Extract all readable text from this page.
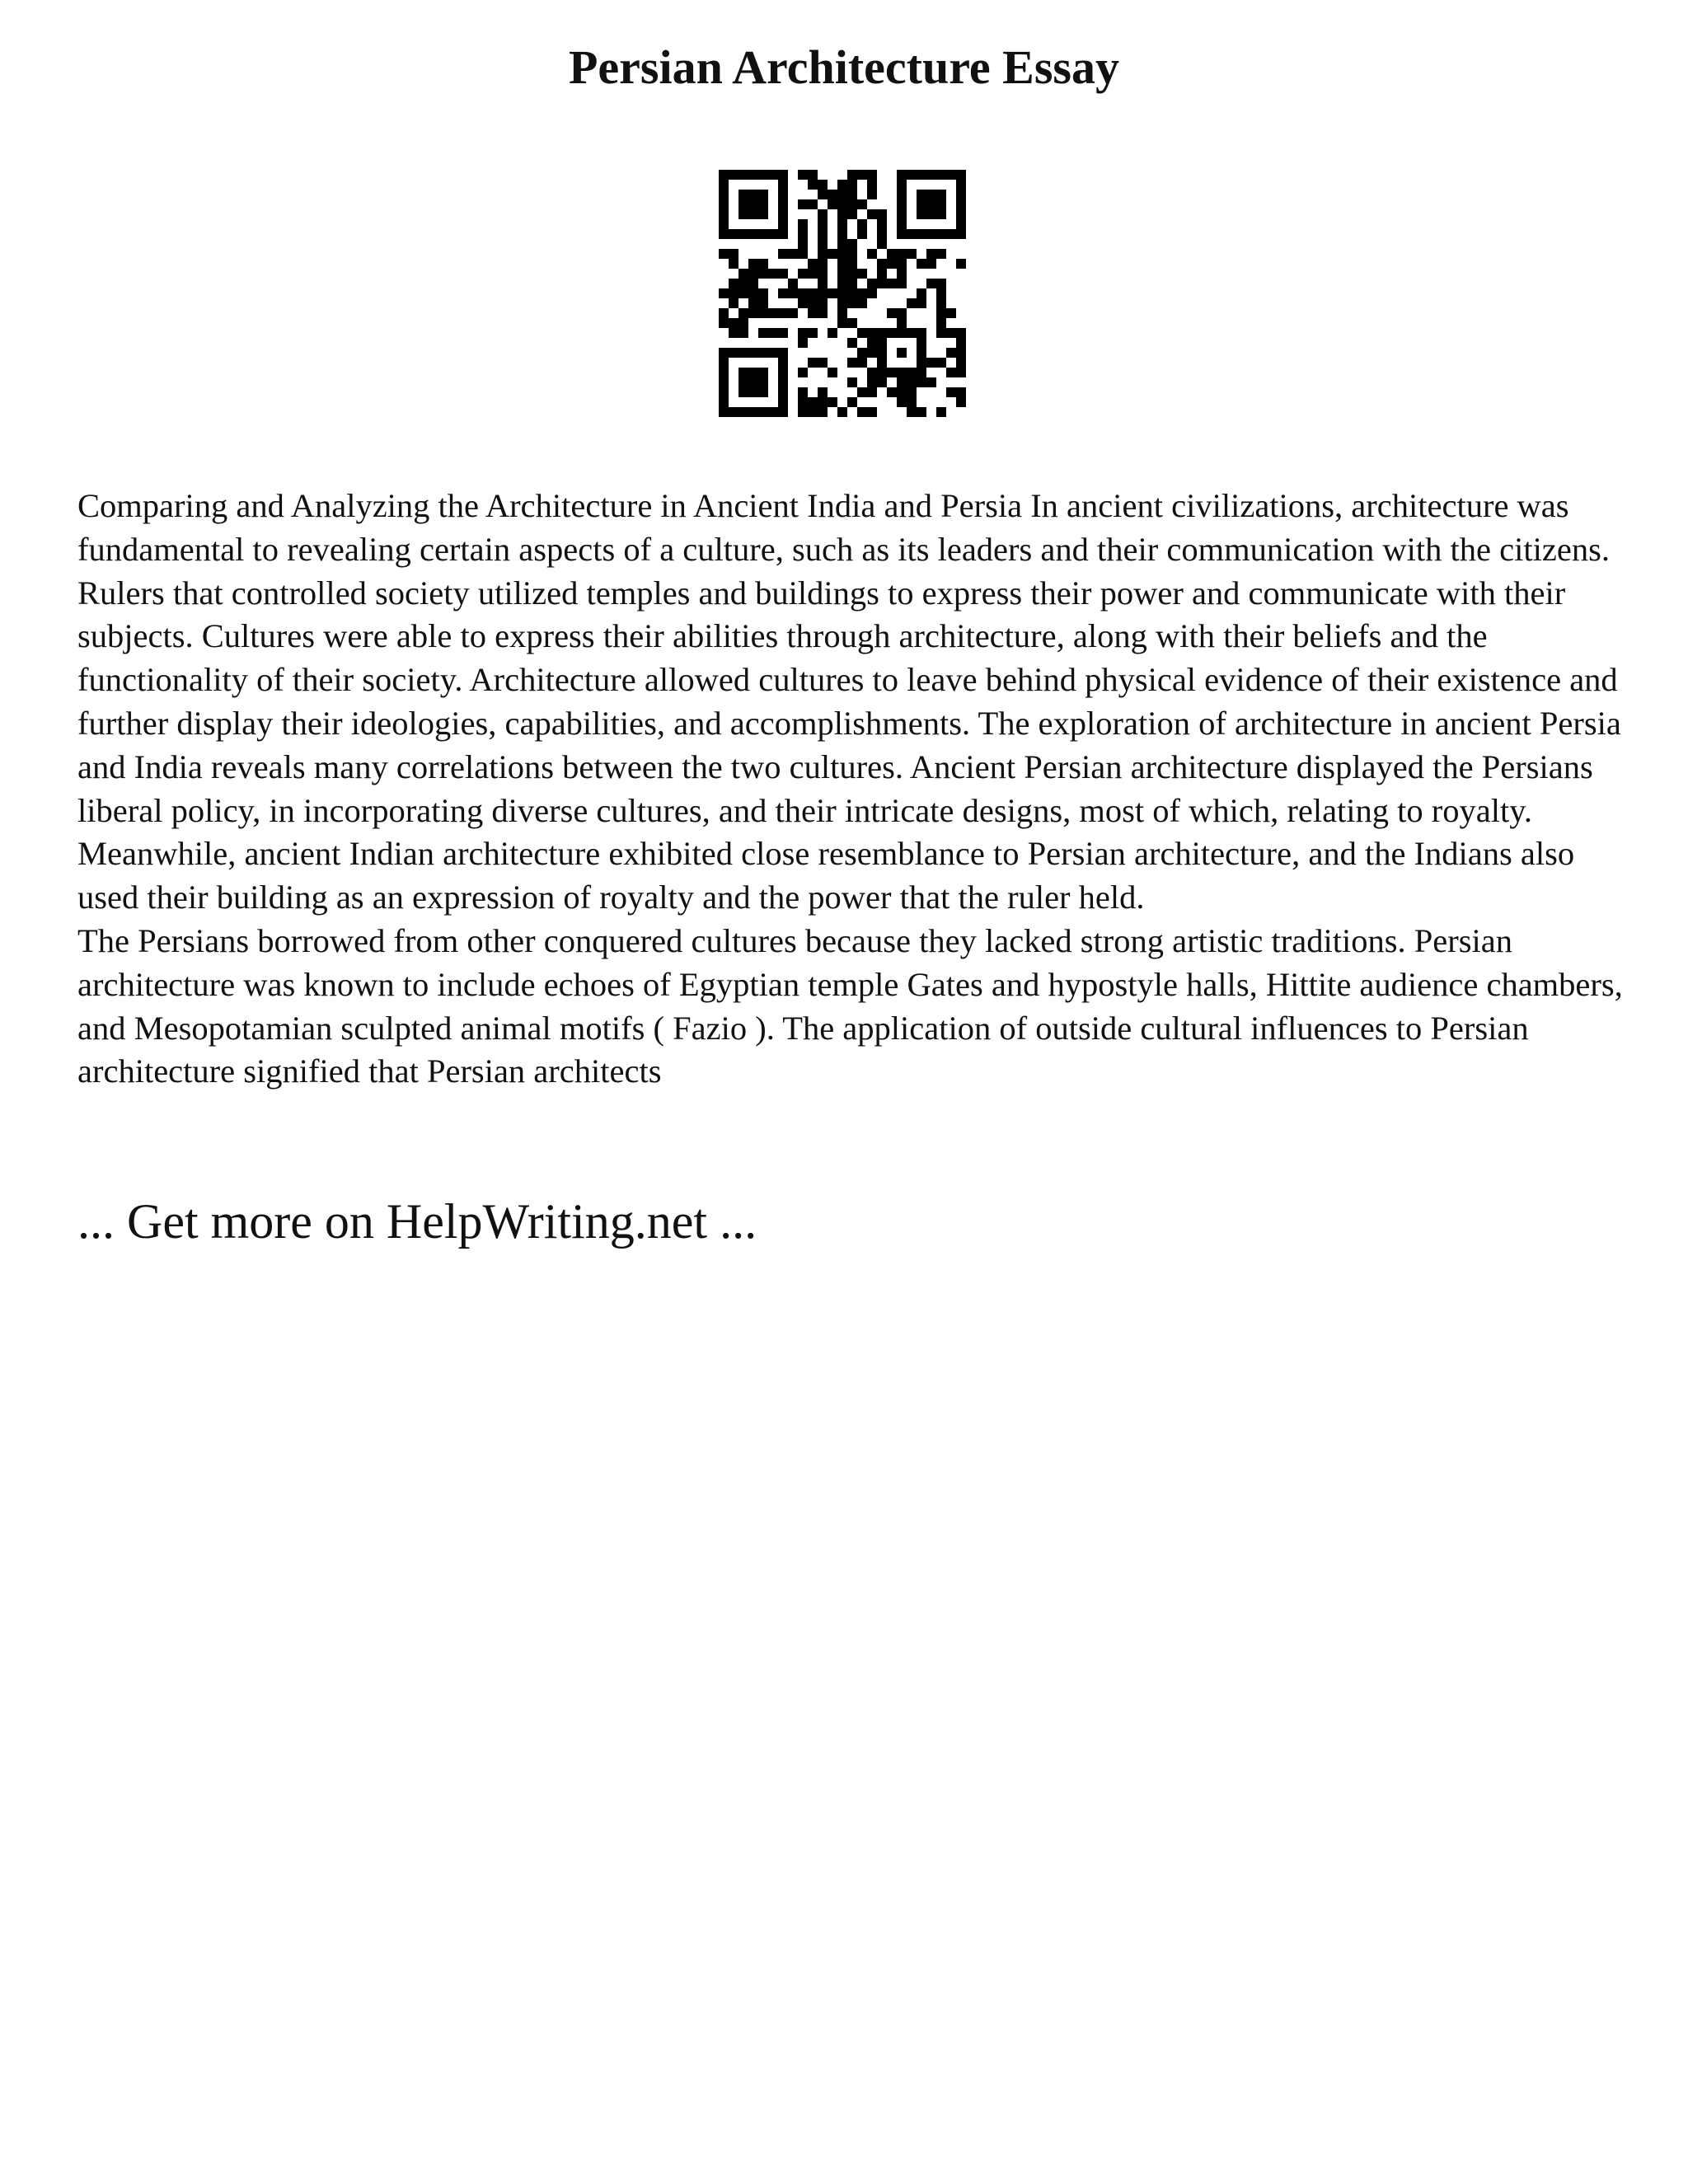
Persian Architecture Essay

Comparing and Analyzing the Architecture in Ancient India and Persia In ancient civilizations, architecture was fundamental to revealing certain aspects of a culture, such as its leaders and their communication with the citizens. Rulers that controlled society utilized temples and buildings to express their power and communicate with their subjects. Cultures were able to express their abilities through architecture, along with their beliefs and the functionality of their society. Architecture allowed cultures to leave behind physical evidence of their existence and further display their ideologies, capabilities, and accomplishments. The exploration of architecture in ancient Persia and India reveals many correlations between the two cultures. Ancient Persian architecture displayed the Persians liberal policy, in incorporating diverse cultures, and their intricate designs, most of which, relating to royalty. Meanwhile, ancient Indian architecture exhibited close resemblance to Persian architecture, and the Indians also used their building as an expression of royalty and the power that the ruler held.

The Persians borrowed from other conquered cultures because they lacked strong artistic traditions. Persian architecture was known to include echoes of Egyptian temple Gates and hypostyle halls, Hittite audience chambers, and Mesopotamian sculpted animal motifs ( Fazio ). The application of outside cultural influences to Persian architecture signified that Persian architects

... Get more on HelpWriting.net ...
